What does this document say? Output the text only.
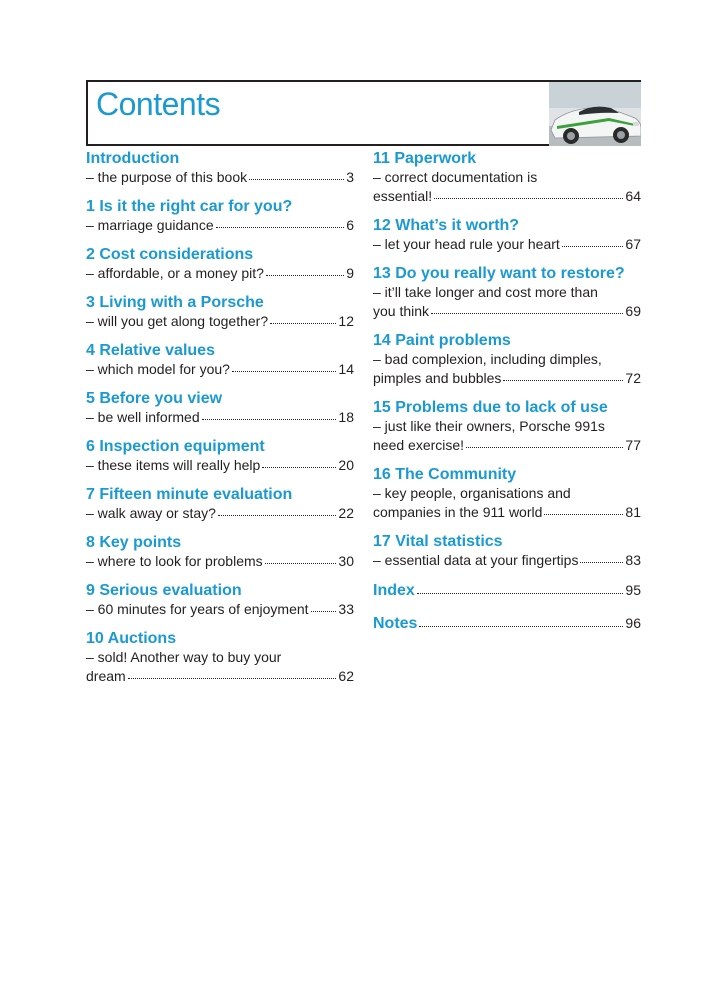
Contents
Introduction
– the purpose of this book	3
1 Is it the right car for you?
– marriage guidance	6
2 Cost considerations
– affordable, or a money pit?	9
3 Living with a Porsche
– will you get along together?	12
4 Relative values
– which model for you?	14
5 Before you view
– be well informed	18
6 Inspection equipment
– these items will really help	20
7 Fifteen minute evaluation
– walk away or stay?	22
8 Key points
– where to look for problems	30
9 Serious evaluation
– 60 minutes for years of enjoyment 33
10 Auctions
– sold! Another way to buy your
dream	62
11 Paperwork
– correct documentation is
essential!	64
12 What’s it worth?
– let your head rule your heart	67
13 Do you really want to restore?
– it’ll take longer and cost more than
you think	69
14 Paint problems
– bad complexion, including dimples,
pimples and bubbles	72
15 Problems due to lack of use
– just like their owners, Porsche 991s
need exercise!	77
16 The Community
– key people, organisations and
companies in the 911 world	81
17 Vital statistics
– essential data at your fingertips	83
Index	95
Notes	96
